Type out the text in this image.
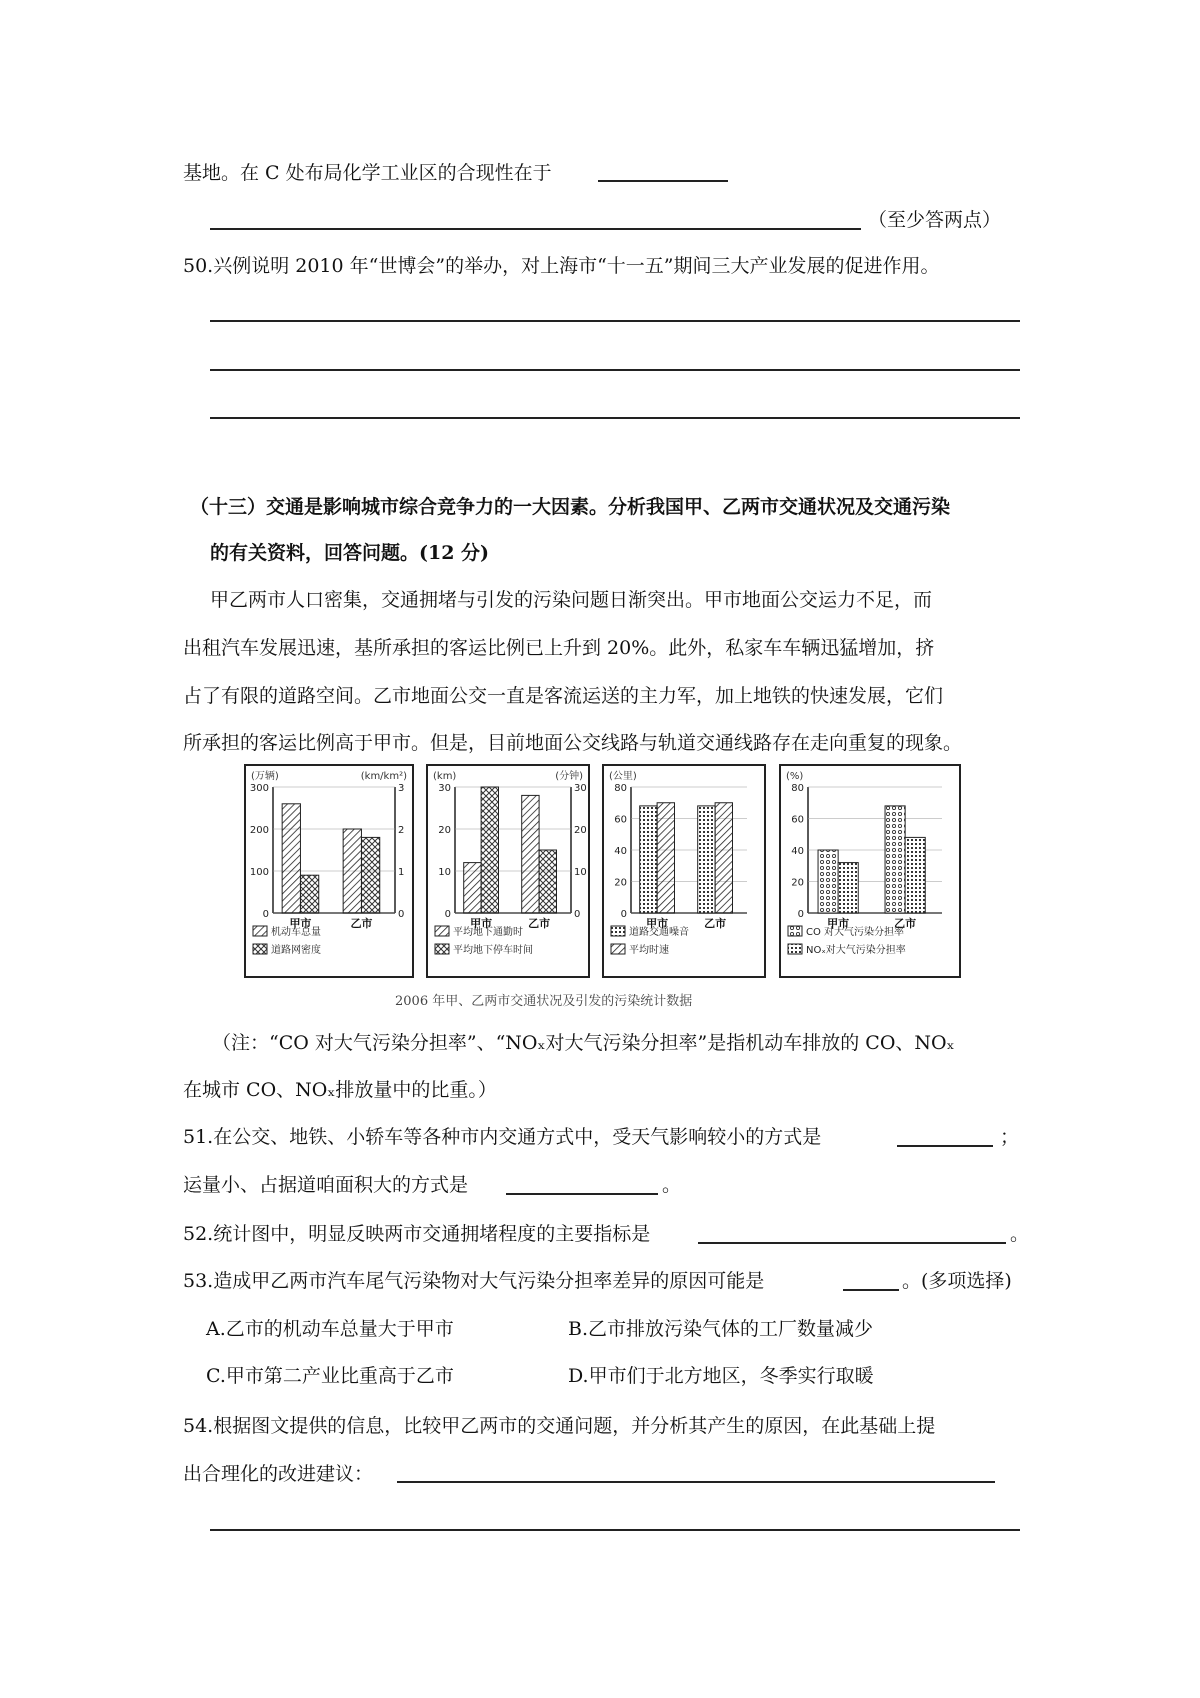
基地。在 C 处布局化学工业区的合现性在于
（至少答两点）
50.兴例说明 2010 年“世博会”的举办，对上海市“十一五”期间三大产业发展的促进作用。
（十三）交通是影响城市综合竞争力的一大因素。分析我国甲、乙两市交通状况及交通污染
的有关资料，回答问题。(12 分)
甲乙两市人口密集，交通拥堵与引发的污染问题日渐突出。甲市地面公交运力不足，而
出租汽车发展迅速，基所承担的客运比例已上升到 20%。此外，私家车车辆迅猛增加，挤
占了有限的道路空间。乙市地面公交一直是客流运送的主力军，加上地铁的快速发展，它们
所承担的客运比例高于甲市。但是，目前地面公交线路与轨道交通线路存在走向重复的现象。
(万辆)	(km/km²)
300
200
100
0
3
2
1
0
甲市	乙市
机动车总量
道路网密度
(km)	(分钟)
30
20
10
0
30
20
10
0
甲市	乙市
平均地下通勤时
平均地下停车时间
(公里)
80
60
40
20
0
甲市	乙市
道路交通噪音
平均时速
(%)
80
60
40
20
0
甲市	乙市
CO 对大气污染分担率
NOₓ对大气污染分担率
2006 年甲、乙两市交通状况及引发的污染统计数据
（注：“CO 对大气污染分担率”、“NOₓ对大气污染分担率”是指机动车排放的 CO、NOₓ
在城市 CO、NOₓ排放量中的比重。）
51.在公交、地铁、小轿车等各种市内交通方式中，受天气影响较小的方式是	；
运量小、占据道咱面积大的方式是	。
52.统计图中，明显反映两市交通拥堵程度的主要指标是	。
53.造成甲乙两市汽车尾气污染物对大气污染分担率差异的原因可能是	。(多项选择)
A.乙市的机动车总量大于甲市	B.乙市排放污染气体的工厂数量减少
C.甲市第二产业比重高于乙市	D.甲市们于北方地区，冬季实行取暖
54.根据图文提供的信息，比较甲乙两市的交通问题，并分析其产生的原因，在此基础上提
出合理化的改进建议：
